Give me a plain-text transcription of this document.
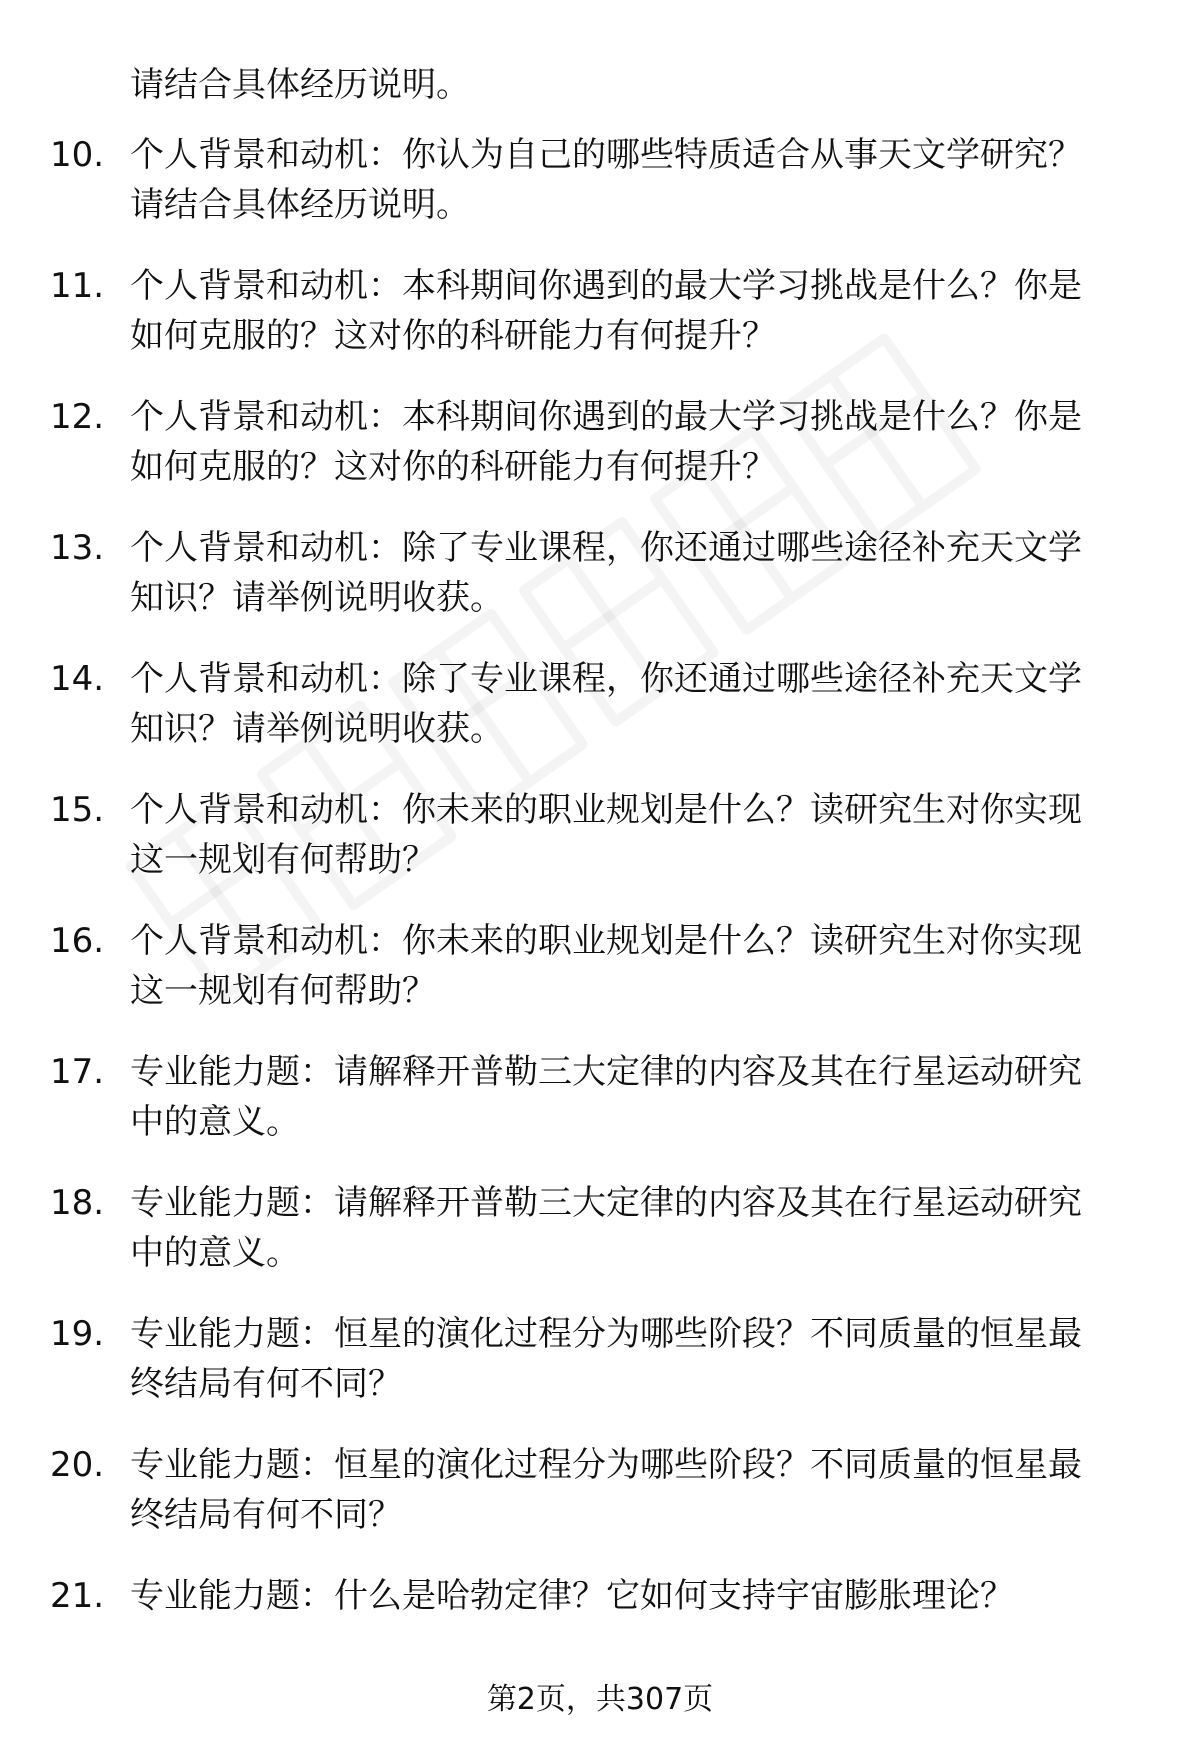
请结合具体经历说明。
10. 个人背景和动机：你认为自己的哪些特质适合从事天文学研究？
请结合具体经历说明。
11. 个人背景和动机：本科期间你遇到的最大学习挑战是什么？你是
如何克服的？这对你的科研能力有何提升？
12. 个人背景和动机：本科期间你遇到的最大学习挑战是什么？你是
如何克服的？这对你的科研能力有何提升？
13. 个人背景和动机：除了专业课程，你还通过哪些途径补充天文学
知识？请举例说明收获。
14. 个人背景和动机：除了专业课程，你还通过哪些途径补充天文学
知识？请举例说明收获。
15. 个人背景和动机：你未来的职业规划是什么？读研究生对你实现
这一规划有何帮助？
16. 个人背景和动机：你未来的职业规划是什么？读研究生对你实现
这一规划有何帮助？
17. 专业能力题：请解释开普勒三大定律的内容及其在行星运动研究
中的意义。
18. 专业能力题：请解释开普勒三大定律的内容及其在行星运动研究
中的意义。
19. 专业能力题：恒星的演化过程分为哪些阶段？不同质量的恒星最
终结局有何不同？
20. 专业能力题：恒星的演化过程分为哪些阶段？不同质量的恒星最
终结局有何不同？
21. 专业能力题：什么是哈勃定律？它如何支持宇宙膨胀理论？
第2页，共307页
